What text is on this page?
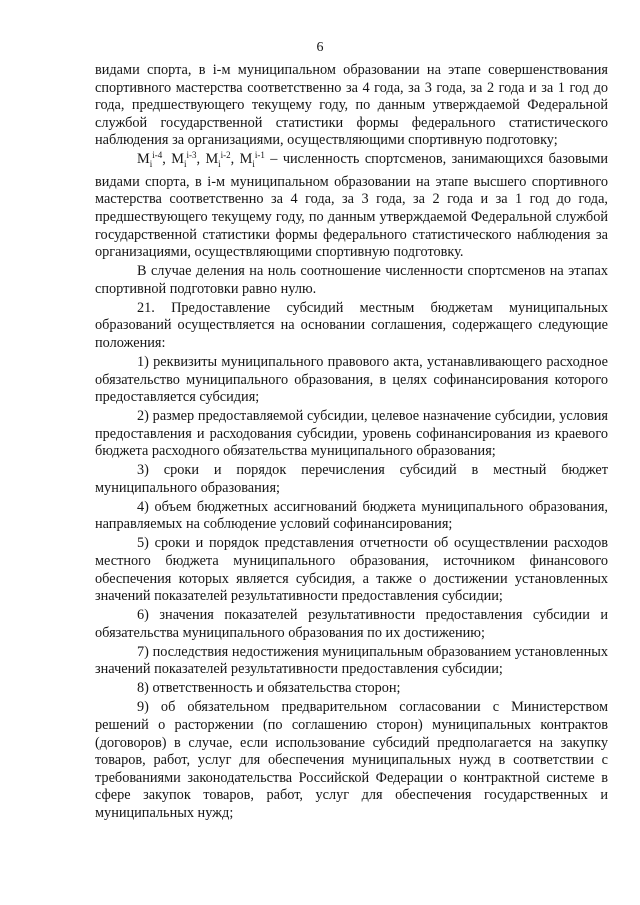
6

видами спорта, в i-м муниципальном образовании на этапе совершенствования спортивного мастерства соответственно за 4 года, за 3 года, за 2 года и за 1 год до года, предшествующего текущему году, по данным утверждаемой Федеральной службой государственной статистики формы федерального статистического наблюдения за организациями, осуществляющими спортивную подготовку;

$M_i^{i-4}$, $M_i^{i-3}$, $M_i^{i-2}$, $M_i^{i-1}$ – численность спортсменов, занимающихся базовыми видами спорта, в i-м муниципальном образовании на этапе высшего спортивного мастерства соответственно за 4 года, за 3 года, за 2 года и за 1 год до года, предшествующего текущему году, по данным утверждаемой Федеральной службой государственной статистики формы федерального статистического наблюдения за организациями, осуществляющими спортивную подготовку.

В случае деления на ноль соотношение численности спортсменов на этапах спортивной подготовки равно нулю.

21. Предоставление субсидий местным бюджетам муниципальных образований осуществляется на основании соглашения, содержащего следующие положения:

1) реквизиты муниципального правового акта, устанавливающего расходное обязательство муниципального образования, в целях софинансирования которого предоставляется субсидия;

2) размер предоставляемой субсидии, целевое назначение субсидии, условия предоставления и расходования субсидии, уровень софинансирования из краевого бюджета расходного обязательства муниципального образования;

3) сроки и порядок перечисления субсидий в местный бюджет муниципального образования;

4) объем бюджетных ассигнований бюджета муниципального образования, направляемых на соблюдение условий софинансирования;

5) сроки и порядок представления отчетности об осуществлении расходов местного бюджета муниципального образования, источником финансового обеспечения которых является субсидия, а также о достижении установленных значений показателей результативности предоставления субсидии;

6) значения показателей результативности предоставления субсидии и обязательства муниципального образования по их достижению;

7) последствия недостижения муниципальным образованием установленных значений показателей результативности предоставления субсидии;

8) ответственность и обязательства сторон;

9) об обязательном предварительном согласовании с Министерством решений о расторжении (по соглашению сторон) муниципальных контрактов (договоров) в случае, если использование субсидий предполагается на закупку товаров, работ, услуг для обеспечения муниципальных нужд в соответствии с требованиями законодательства Российской Федерации о контрактной системе в сфере закупок товаров, работ, услуг для обеспечения государственных и муниципальных нужд;
